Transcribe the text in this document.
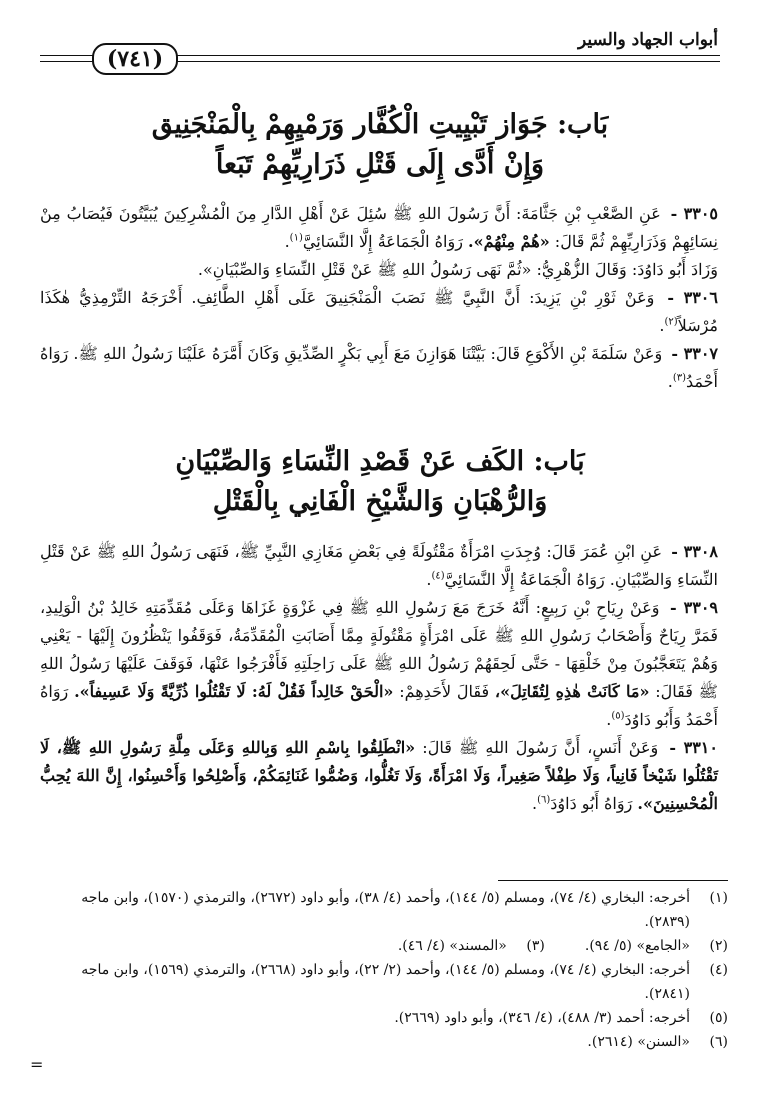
أبواب الجهاد والسير
(٧٤١)
بَاب: جَوَاز تَبْيِيتِ الْكُفَّار وَرَمْيِهِمْ بِالْمَنْجَنِيق
وَإِنْ أَدَّى إِلَى قَتْلِ ذَرَارِيِّهِمْ تَبَعاً

٣٣٠٥ - عَنِ الصَّعْبِ بْنِ جَثَّامَةَ: أَنَّ رَسُولَ اللهِ ﷺ سُئِلَ عَنْ أَهْلِ الدَّارِ مِنَ الْمُشْرِكِينَ يُبَيَّتُونَ فَيُصَابُ مِنْ نِسَائِهِمْ وَذَرَارِيِّهِمْ ثُمَّ قَالَ: «هُمْ مِنْهُمْ». رَوَاهُ الْجَمَاعَةُ إِلَّا النَّسَائِيَّ$^{(١)}$.

وَزَادَ أَبُو دَاوُدَ: وَقَالَ الزُّهْرِيُّ: «ثُمَّ نَهَى رَسُولُ اللهِ ﷺ عَنْ قَتْلِ النِّسَاءِ وَالصِّبْيَانِ».

٣٣٠٦ - وَعَنْ ثَوْرِ بْنِ يَزِيدَ: أَنَّ النَّبِيَّ ﷺ نَصَبَ الْمَنْجَنِيقَ عَلَى أَهْلِ الطَّائِفِ. أَخْرَجَهُ التِّرْمِذِيُّ هٰكَذَا مُرْسَلاً$^{(٢)}$.

٣٣٠٧ - وَعَنْ سَلَمَةَ بْنِ الأَكْوَعِ قَالَ: بَيَّتْنَا هَوَازِنَ مَعَ أَبِي بَكْرٍ الصِّدِّيقِ وَكَانَ أَمَّرَهُ عَلَيْنَا رَسُولُ اللهِ ﷺ. رَوَاهُ أَحْمَدُ$^{(٣)}$.

بَاب: الكَف عَنْ قَصْدِ النِّسَاءِ وَالصِّبْيَانِ
وَالرُّهْبَانِ وَالشَّيْخِ الْفَانِي بِالْقَتْلِ

٣٣٠٨ - عَنِ ابْنِ عُمَرَ قَالَ: وُجِدَتِ امْرَأَةٌ مَقْتُولَةً فِي بَعْضِ مَغَازِي النَّبِيِّ ﷺ، فَنَهَى رَسُولُ اللهِ ﷺ عَنْ قَتْلِ النِّسَاءِ وَالصِّبْيَانِ. رَوَاهُ الْجَمَاعَةُ إِلَّا النَّسَائِيَّ$^{(٤)}$.

٣٣٠٩ - وَعَنْ رِيَاحِ بْنِ رَبِيعٍ: أَنَّهُ خَرَجَ مَعَ رَسُولِ اللهِ ﷺ فِي غَزْوَةٍ غَزَاهَا وَعَلَى مُقَدِّمَتِهِ خَالِدُ بْنُ الْوَلِيدِ، فَمَرَّ رِيَاحٌ وَأَصْحَابُ رَسُولِ اللهِ ﷺ عَلَى امْرَأَةٍ مَقْتُولَةٍ مِمَّا أَصَابَتِ الْمُقَدِّمَةُ، فَوَقَفُوا يَنْظُرُونَ إِلَيْهَا - يَعْنِي وَهُمْ يَتَعَجَّبُونَ مِنْ خَلْقِهَا - حَتَّى لَحِقَهُمْ رَسُولُ اللهِ ﷺ عَلَى رَاحِلَتِهِ فَأَفْرَجُوا عَنْهَا، فَوَقَفَ عَلَيْهَا رَسُولُ اللهِ ﷺ فَقَالَ: «مَا كَانَتْ هٰذِهِ لِتُقَاتِلَ»، فَقَالَ لأَحَدِهِمْ: «الْحَقْ خَالِداً فَقُلْ لَهُ: لَا تَقْتُلُوا ذُرِّيَّةً وَلَا عَسِيفاً». رَوَاهُ أَحْمَدُ وَأَبُو دَاوُدَ$^{(٥)}$.

٣٣١٠ - وَعَنْ أَنَسٍ، أَنَّ رَسُولَ اللهِ ﷺ قَالَ: «انْطَلِقُوا بِاسْمِ اللهِ وَبِاللهِ وَعَلَى مِلَّةِ رَسُولِ اللهِ ﷺ، لَا تَقْتُلُوا شَيْخاً فَانِياً، وَلَا طِفْلاً صَغِيراً، وَلَا امْرَأَةً، وَلَا تَغُلُّوا، وَضُمُّوا غَنَائِمَكُمْ، وَأَصْلِحُوا وَأَحْسِنُوا، إِنَّ اللهَ يُحِبُّ الْمُحْسِنِينَ». رَوَاهُ أَبُو دَاوُدَ$^{(٦)}$.

(١)
أخرجه: البخاري (٤/ ٧٤)، ومسلم (٥/ ١٤٤)، وأحمد (٤/ ٣٨)، وأبو داود (٢٦٧٢)، والترمذي (١٥٧٠)، وابن ماجه (٢٨٣٩).
(٢)
«الجامع» (٥/ ٩٤).
(٣)
«المسند» (٤/ ٤٦).
(٤)
أخرجه: البخاري (٤/ ٧٤)، ومسلم (٥/ ١٤٤)، وأحمد (٢/ ٢٢)، وأبو داود (٢٦٦٨)، والترمذي (١٥٦٩)، وابن ماجه (٢٨٤١).
(٥)
أخرجه: أحمد (٣/ ٤٨٨)، (٤/ ٣٤٦)، وأبو داود (٢٦٦٩).
(٦)
«السنن» (٢٦١٤).
=
